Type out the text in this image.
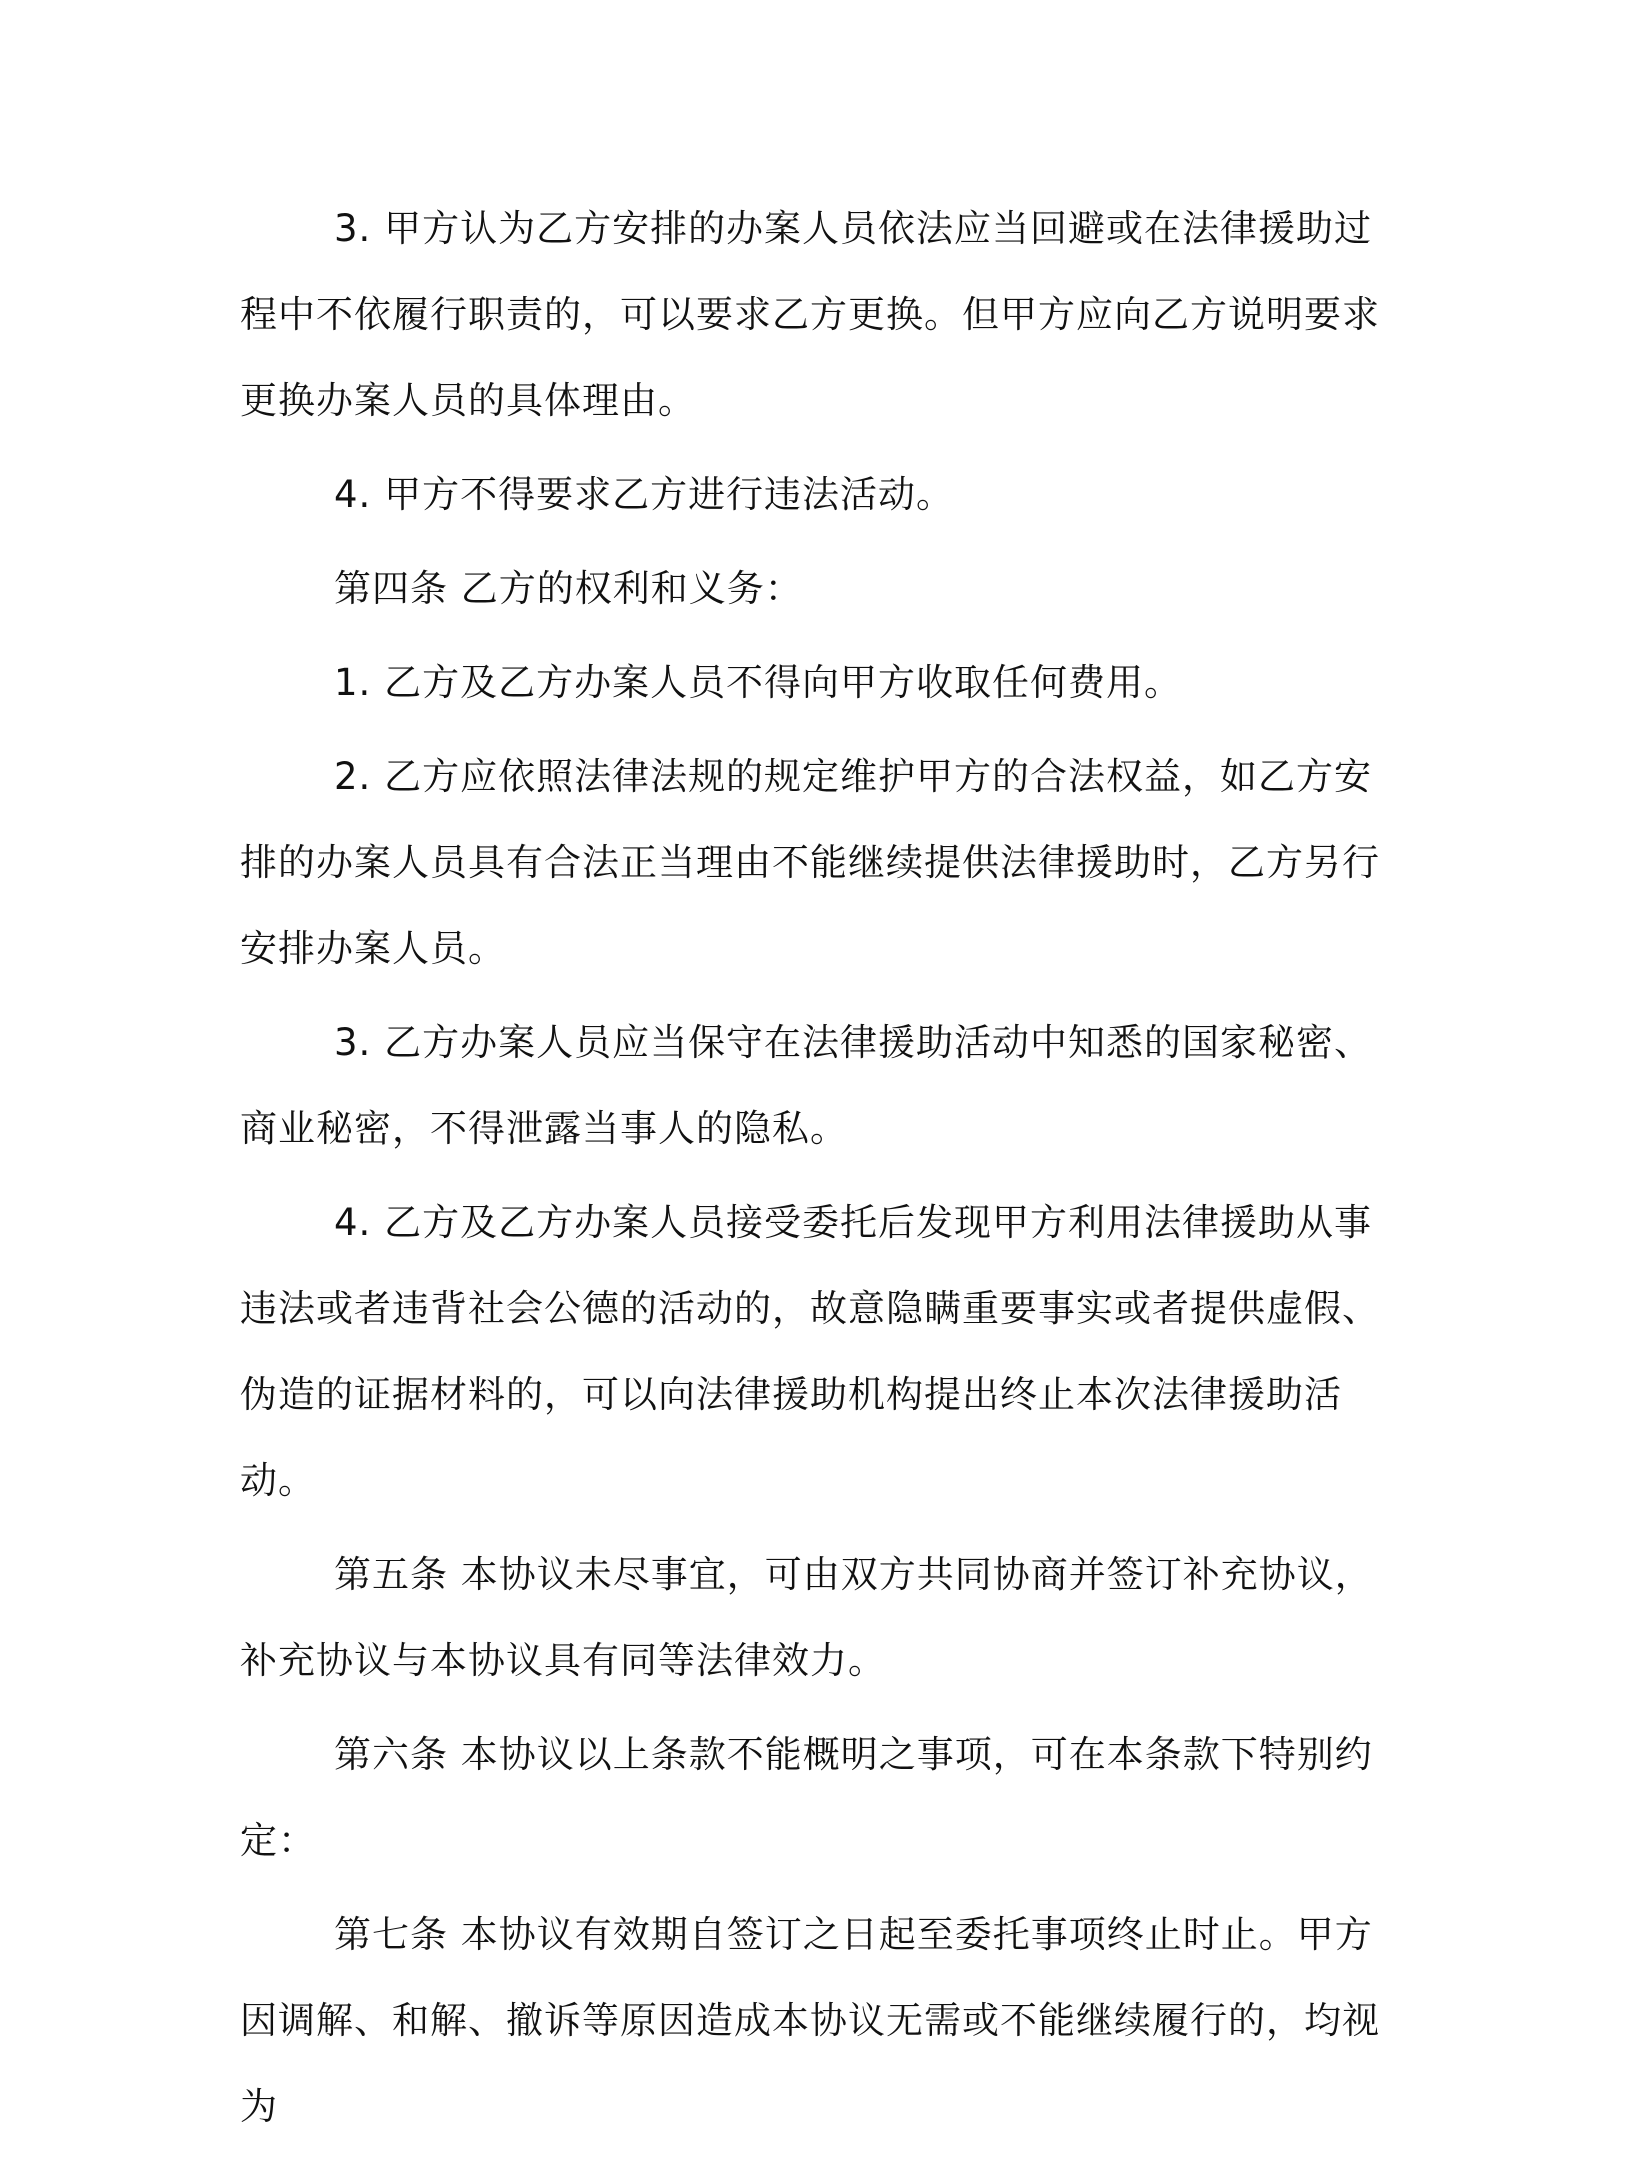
3. 甲方认为乙方安排的办案人员依法应当回避或在法律援助过程中不依履行职责的，可以要求乙方更换。但甲方应向乙方说明要求更换办案人员的具体理由。

4. 甲方不得要求乙方进行违法活动。

第四条 乙方的权利和义务：

1. 乙方及乙方办案人员不得向甲方收取任何费用。

2. 乙方应依照法律法规的规定维护甲方的合法权益，如乙方安排的办案人员具有合法正当理由不能继续提供法律援助时，乙方另行安排办案人员。

3. 乙方办案人员应当保守在法律援助活动中知悉的国家秘密、商业秘密，不得泄露当事人的隐私。

4. 乙方及乙方办案人员接受委托后发现甲方利用法律援助从事违法或者违背社会公德的活动的，故意隐瞒重要事实或者提供虚假、伪造的证据材料的，可以向法律援助机构提出终止本次法律援助活动。

第五条 本协议未尽事宜，可由双方共同协商并签订补充协议，补充协议与本协议具有同等法律效力。

第六条 本协议以上条款不能概明之事项，可在本条款下特别约定：

第七条 本协议有效期自签订之日起至委托事项终止时止。甲方因调解、和解、撤诉等原因造成本协议无需或不能继续履行的，均视为
